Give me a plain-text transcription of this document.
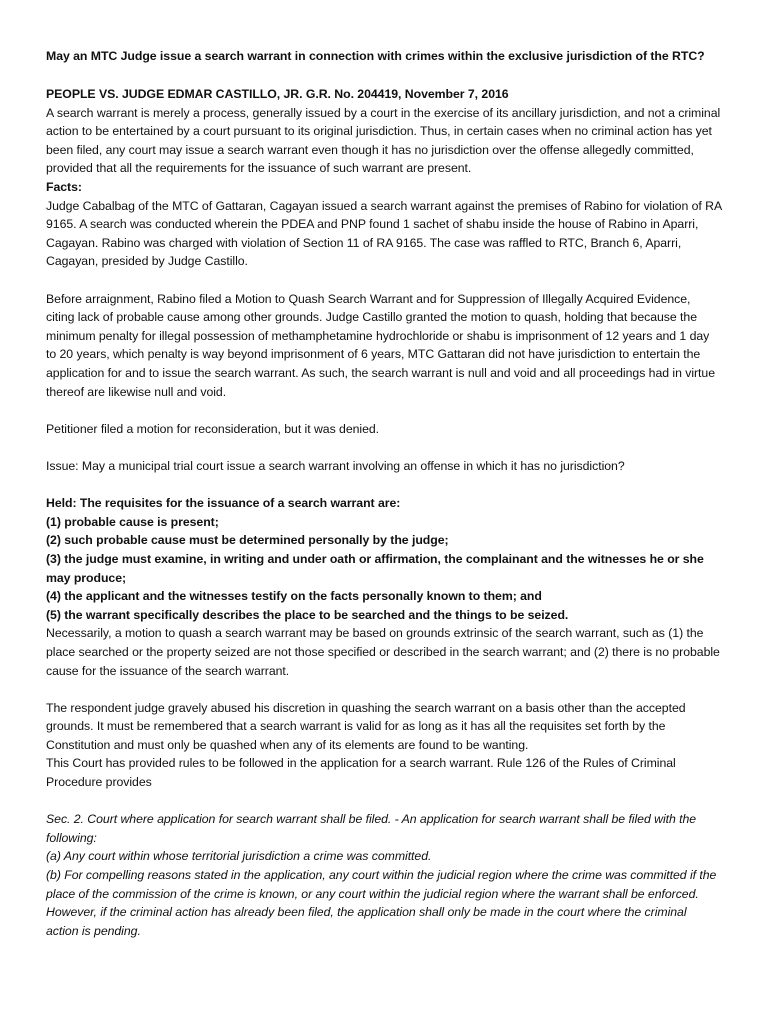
May an MTC Judge issue a search warrant in connection with crimes within the exclusive jurisdiction of the RTC?

PEOPLE VS. JUDGE EDMAR CASTILLO, JR. G.R. No. 204419, November 7, 2016

A search warrant is merely a process, generally issued by a court in the exercise of its ancillary jurisdiction, and not a criminal action to be entertained by a court pursuant to its original jurisdiction. Thus, in certain cases when no criminal action has yet been filed, any court may issue a search warrant even though it has no jurisdiction over the offense allegedly committed, provided that all the requirements for the issuance of such warrant are present.

Facts:

Judge Cabalbag of the MTC of Gattaran, Cagayan issued a search warrant against the premises of Rabino for violation of RA 9165. A search was conducted wherein the PDEA and PNP found 1 sachet of shabu inside the house of Rabino in Aparri, Cagayan. Rabino was charged with violation of Section 11 of RA 9165. The case was raffled to RTC, Branch 6, Aparri, Cagayan, presided by Judge Castillo.

Before arraignment, Rabino filed a Motion to Quash Search Warrant and for Suppression of Illegally Acquired Evidence, citing lack of probable cause among other grounds. Judge Castillo granted the motion to quash, holding that because the minimum penalty for illegal possession of methamphetamine hydrochloride or shabu is imprisonment of 12 years and 1 day to 20 years, which penalty is way beyond imprisonment of 6 years, MTC Gattaran did not have jurisdiction to entertain the application for and to issue the search warrant. As such, the search warrant is null and void and all proceedings had in virtue thereof are likewise null and void.

Petitioner filed a motion for reconsideration, but it was denied.

Issue: May a municipal trial court issue a search warrant involving an offense in which it has no jurisdiction?

Held: The requisites for the issuance of a search warrant are:

(1) probable cause is present;

(2) such probable cause must be determined personally by the judge;

(3) the judge must examine, in writing and under oath or affirmation, the complainant and the witnesses he or she may produce;

(4) the applicant and the witnesses testify on the facts personally known to them; and

(5) the warrant specifically describes the place to be searched and the things to be seized.

Necessarily, a motion to quash a search warrant may be based on grounds extrinsic of the search warrant, such as (1) the place searched or the property seized are not those specified or described in the search warrant; and (2) there is no probable cause for the issuance of the search warrant.

The respondent judge gravely abused his discretion in quashing the search warrant on a basis other than the accepted grounds. It must be remembered that a search warrant is valid for as long as it has all the requisites set forth by the Constitution and must only be quashed when any of its elements are found to be wanting.

This Court has provided rules to be followed in the application for a search warrant. Rule 126 of the Rules of Criminal Procedure provides

Sec. 2. Court where application for search warrant shall be filed. - An application for search warrant shall be filed with the following:

(a) Any court within whose territorial jurisdiction a crime was committed.

(b) For compelling reasons stated in the application, any court within the judicial region where the crime was committed if the place of the commission of the crime is known, or any court within the judicial region where the warrant shall be enforced.

However, if the criminal action has already been filed, the application shall only be made in the court where the criminal action is pending.
